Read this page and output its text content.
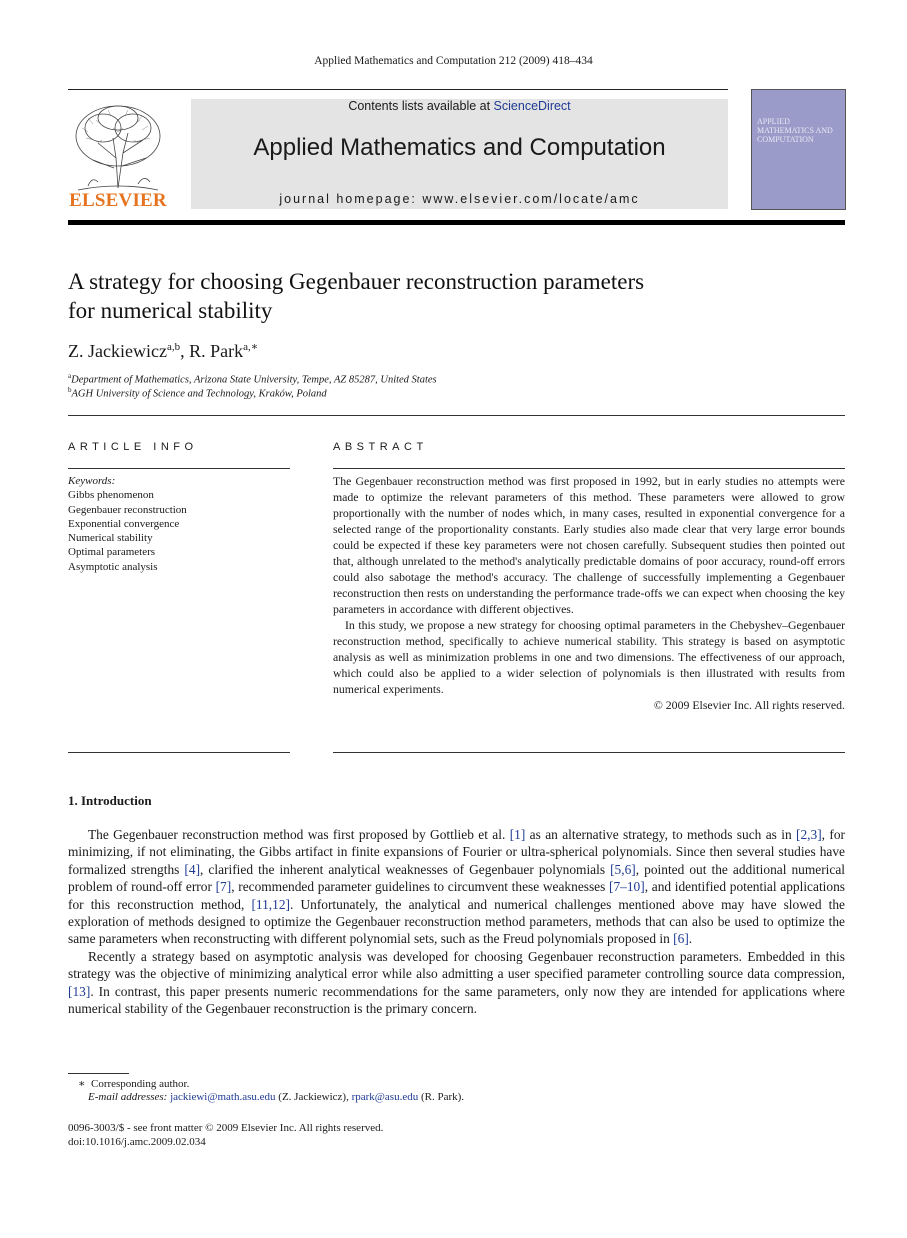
Applied Mathematics and Computation 212 (2009) 418–434
ELSEVIER
Contents lists available at ScienceDirect
Applied Mathematics and Computation
journal homepage: www.elsevier.com/locate/amc
APPLIED MATHEMATICS AND COMPUTATION
A strategy for choosing Gegenbauer reconstruction parameters
for numerical stability
Z. Jackiewicz$^{a,b}$, R. Park$^{a,∗}$
$^a$Department of Mathematics, Arizona State University, Tempe, AZ 85287, United States
$^b$AGH University of Science and Technology, Kraków, Poland
ARTICLE INFO	ABSTRACT
Keywords:
Gibbs phenomenon
Gegenbauer reconstruction
Exponential convergence
Numerical stability
Optimal parameters
Asymptotic analysis

The Gegenbauer reconstruction method was first proposed in 1992, but in early studies no attempts were made to optimize the relevant parameters of this method. These parameters were allowed to grow proportionally with the number of nodes which, in many cases, resulted in exponential convergence for a selected range of the proportionality constants. Early studies also made clear that very large error bounds could be expected if these key parameters were not chosen carefully. Subsequent studies then pointed out that, although unrelated to the method's analytically predictable domains of poor accuracy, round-off errors could also sabotage the method's accuracy. The challenge of successfully implementing a Gegenbauer reconstruction then rests on understanding the performance trade-offs we can expect when choosing the key parameters in accordance with different objectives.

In this study, we propose a new strategy for choosing optimal parameters in the Chebyshev–Gegenbauer reconstruction method, specifically to achieve numerical stability. This strategy is based on asymptotic analysis as well as minimization problems in one and two dimensions. The effectiveness of our approach, which could also be applied to a wider selection of polynomials is then illustrated with results from numerical experiments.

© 2009 Elsevier Inc. All rights reserved.
1. Introduction

The Gegenbauer reconstruction method was first proposed by Gottlieb et al. [1] as an alternative strategy, to methods such as in [2,3], for minimizing, if not eliminating, the Gibbs artifact in finite expansions of Fourier or ultra-spherical polynomials. Since then several studies have formalized strengths [4], clarified the inherent analytical weaknesses of Gegenbauer polynomials [5,6], pointed out the additional numerical problem of round-off error [7], recommended parameter guidelines to circumvent these weaknesses [7–10], and identified potential applications for this reconstruction method, [11,12]. Unfortunately, the analytical and numerical challenges mentioned above may have slowed the exploration of methods designed to optimize the Gegenbauer reconstruction method parameters, methods that can also be used to optimize the same parameters when reconstructing with different polynomial sets, such as the Freud polynomials proposed in [6].

Recently a strategy based on asymptotic analysis was developed for choosing Gegenbauer reconstruction parameters. Embedded in this strategy was the objective of minimizing analytical error while also admitting a user specified parameter controlling source data compression, [13]. In contrast, this paper presents numeric recommendations for the same parameters, only now they are intended for applications where numerical stability of the Gegenbauer reconstruction is the primary concern.

∗ Corresponding author.
E-mail addresses: jackiewi@math.asu.edu (Z. Jackiewicz), rpark@asu.edu (R. Park).
0096-3003/$ - see front matter © 2009 Elsevier Inc. All rights reserved.
doi:10.1016/j.amc.2009.02.034
